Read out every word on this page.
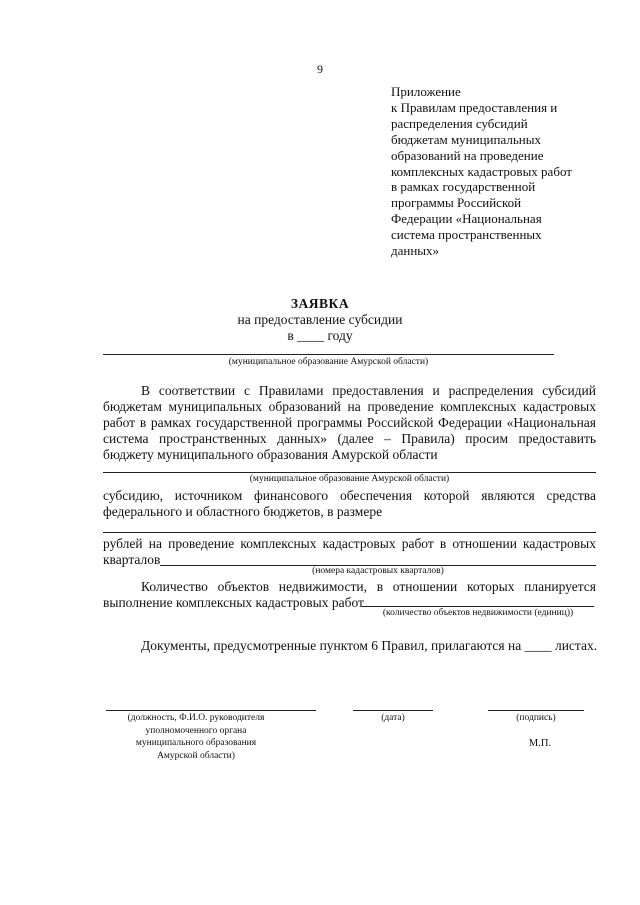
9
Приложение
к Правилам предоставления и
распределения субсидий
бюджетам муниципальных
образований на проведение
комплексных кадастровых работ
в рамках государственной
программы Российской
Федерации «Национальная
система пространственных
данных»
ЗАЯВКА
на предоставление субсидии
в ____ году
(муниципальное образование Амурской области)
В соответствии с Правилами предоставления и распределения субсидий бюджетам муниципальных образований на проведение комплексных кадастровых работ в рамках государственной программы Российской Федерации «Национальная система пространственных данных» (далее – Правила) просим предоставить бюджету муниципального образования Амурской области
(муниципальное образование Амурской области)
субсидию, источником финансового обеспечения которой являются средства
федерального и областного бюджетов, в размере
рублей на проведение комплексных кадастровых работ в отношении кадастровых
кварталов
(номера кадастровых кварталов)
Количество объектов недвижимости, в отношении которых планируется
выполнение комплексных кадастровых работ
(количество объектов недвижимости (единиц))
Документы, предусмотренные пунктом 6 Правил, прилагаются на ____ листах.
(должность, Ф.И.О. руководителя
уполномоченного органа
муниципального образования
Амурской области)
(дата)	(подпись)
М.П.
